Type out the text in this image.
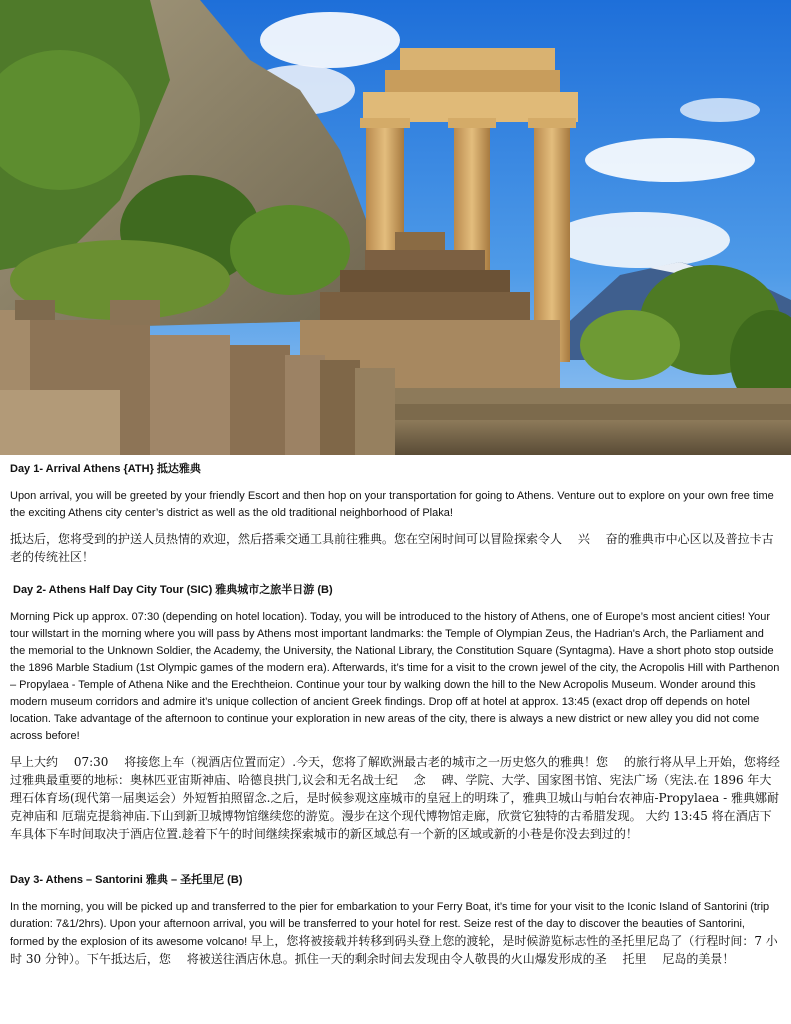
Day 1- Arrival Athens {ATH} 抵达雅典

Upon arrival, you will be greeted by your friendly Escort and then hop on your transportation for going to Athens. Venture out to explore on your own free time the exciting Athens city center’s district as well as the old traditional neighborhood of Plaka!

抵达后，您将受到的护送人员热情的欢迎，然后搭乘交通工具前往雅典。您在空闲时间可以冒险探索令人　 兴　 奋的雅典市中心区以及普拉卡古老的传统社区！

Day 2- Athens Half Day City Tour (SIC) 雅典城市之旅半日游 (B)

Morning Pick up approx. 07:30 (depending on hotel location). Today, you will be introduced to the history of Athens, one of Europe’s most ancient cities! Your tour willstart in the morning where you will pass by Athens most important landmarks: the Temple of Olympian Zeus, the Hadrian's Arch, the Parliament and the memorial to the Unknown Soldier, the Academy, the University, the National Library, the Constitution Square (Syntagma). Have a short photo stop outside the 1896 Marble Stadium (1st Olympic games of the modern era). Afterwards, it’s time for a visit to the crown jewel of the city, the Acropolis Hill with Parthenon – Propylaea - Temple of Athena Nike and the Erechtheion. Continue your tour by walking down the hill to the New Acropolis Museum. Wonder around this modern museum corridors and admire it’s unique collection of ancient Greek findings. Drop off at hotel at approx. 13:45 (exact drop off depends on hotel location. Take advantage of the afternoon to continue your exploration in new areas of the city, there is always a new district or new alley you did not come across before!

早上大约　 07:30　 将接您上车（视酒店位置而定）.今天，您将了解欧洲最古老的城市之一历史悠久的雅典！您　 的旅行将从早上开始，您将经过雅典最重要的地标：奥林匹亚宙斯神庙、哈德良拱门,议会和无名战士纪　 念　 碑、学院、大学、国家图书馆、宪法广场（宪法.在 1896 年大理石体育场(现代第一届奥运会）外短暂拍照留念.之后，是时候参观这座城市的皇冠上的明珠了，雅典卫城山与帕台农神庙-Propylaea - 雅典娜耐克神庙和 厄瑞克提翁神庙.下山到新卫城博物馆继续您的游览。漫步在这个现代博物馆走廊，欣赏它独特的古希腊发现。 大约 13:45 将在酒店下车具体下车时间取决于酒店位置.趁着下午的时间继续探索城市的新区域总有一个新的区域或新的小巷是你没去到过的！

Day 3- Athens – Santorini 雅典 – 圣托里尼 (B)

In the morning, you will be picked up and transferred to the pier for embarkation to your Ferry Boat, it’s time for your visit to the Iconic Island of Santorini (trip duration: 7&1/2hrs). Upon your afternoon arrival, you will be transferred to your hotel for rest. Seize rest of the day to discover the beauties of Santorini, formed by the explosion of its awesome volcano! 早上，您将被接载并转移到码头登上您的渡轮，是时候游览标志性的圣托里尼岛了（行程时间：7 小时 30 分钟）。下午抵达后，您　 将被送往酒店休息。抓住一天的剩余时间去发现由令人敬畏的火山爆发形成的圣　 托里　 尼岛的美景！
